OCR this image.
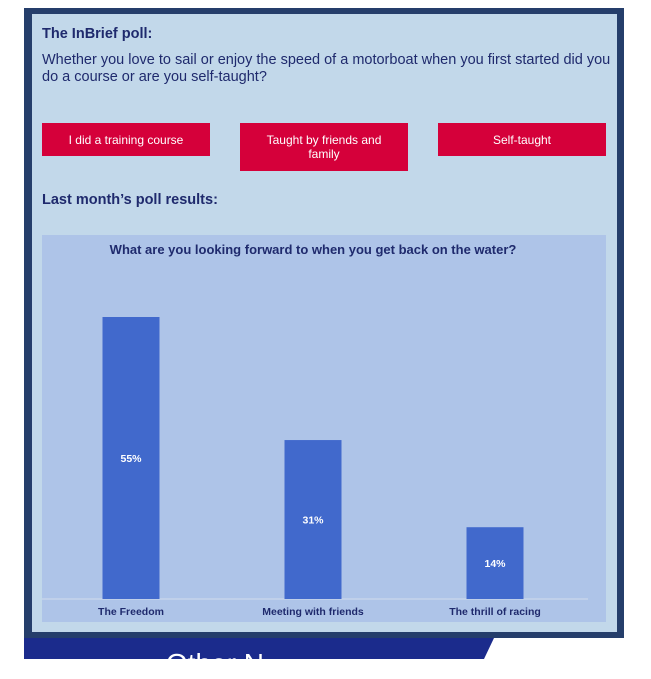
The InBrief poll:

Whether you love to sail or enjoy the speed of a motorboat when you first started did you do a course or are you self-taught?

I did a training course	Taught by friends and family
Self-taught

Last month’s poll results:

What are you looking forward to when you get back on the water?
55%
The Freedom
31%
Meeting with friends
14%
The thrill of racing
Other N
